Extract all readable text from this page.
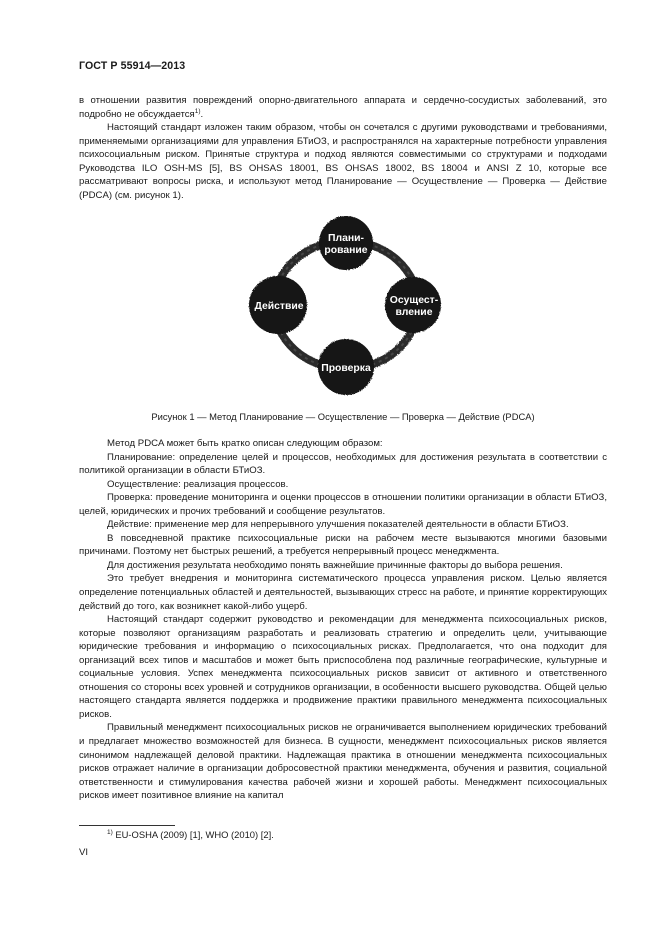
ГОСТ Р 55914—2013

в отношении развития повреждений опорно-двигательного аппарата и сердечно-сосудистых заболеваний, это подробно не обсуждается$^{1)}$.

Настоящий стандарт изложен таким образом, чтобы он сочетался с другими руководствами и требованиями, применяемыми организациями для управления БТиОЗ, и распространялся на характерные потребности управления психосоциальным риском. Принятые структура и подход являются совместимыми со структурами и подходами Руководства ILO OSH-MS [5], BS OHSAS 18001, BS OHSAS 18002, BS 18004 и ANSI Z 10, которые все рассматривают вопросы риска, и используют метод Планирование — Осуществление — Проверка — Действие (PDCA) (см. рисунок 1).

Плани-
рование
Осущест-
вление
Проверка
Действие
Рисунок 1 — Метод Планирование — Осуществление — Проверка — Действие (PDCA)

Метод PDCA может быть кратко описан следующим образом:

Планирование: определение целей и процессов, необходимых для достижения результата в соответствии с политикой организации в области БТиОЗ.

Осуществление: реализация процессов.

Проверка: проведение мониторинга и оценки процессов в отношении политики организации в области БТиОЗ, целей, юридических и прочих требований и сообщение результатов.

Действие: применение мер для непрерывного улучшения показателей деятельности в области БТиОЗ.

В повседневной практике психосоциальные риски на рабочем месте вызываются многими базовыми причинами. Поэтому нет быстрых решений, а требуется непрерывный процесс менеджмента.

Для достижения результата необходимо понять важнейшие причинные факторы до выбора решения.

Это требует внедрения и мониторинга систематического процесса управления риском. Целью является определение потенциальных областей и деятельностей, вызывающих стресс на работе, и принятие корректирующих действий до того, как возникнет какой-либо ущерб.

Настоящий стандарт содержит руководство и рекомендации для менеджмента психосоциальных рисков, которые позволяют организациям разработать и реализовать стратегию и определить цели, учитывающие юридические требования и информацию о психосоциальных рисках. Предполагается, что она подходит для организаций всех типов и масштабов и может быть приспособлена под различные географические, культурные и социальные условия. Успех менеджмента психосоциальных рисков зависит от активного и ответственного отношения со стороны всех уровней и сотрудников организации, в особенности высшего руководства. Общей целью настоящего стандарта является поддержка и продвижение практики правильного менеджмента психосоциальных рисков.

Правильный менеджмент психосоциальных рисков не ограничивается выполнением юридических требований и предлагает множество возможностей для бизнеса. В сущности, менеджмент психосоциальных рисков является синонимом надлежащей деловой практики. Надлежащая практика в отношении менеджмента психосоциальных рисков отражает наличие в организации добросовестной практики менеджмента, обучения и развития, социальной ответственности и стимулирования качества рабочей жизни и хорошей работы. Менеджмент психосоциальных рисков имеет позитивное влияние на капитал

$^{1)}$ EU-OSHA (2009) [1], WHO (2010) [2].
VI
